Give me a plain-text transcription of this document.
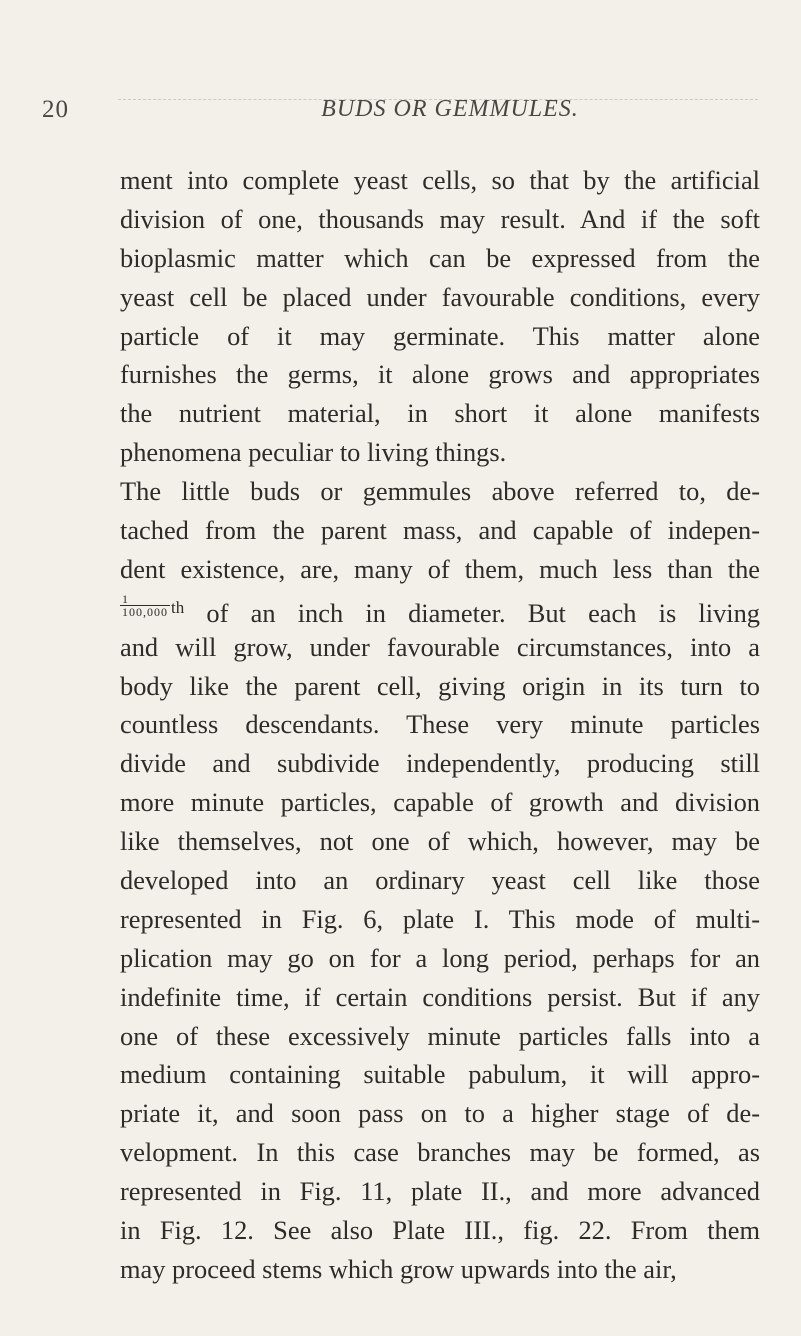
20	BUDS OR GEMMULES.
ment into complete yeast cells, so that by the artificial
division of one, thousands may result. And if the soft
bioplasmic matter which can be expressed from the
yeast cell be placed under favourable conditions, every
particle of it may germinate. This matter alone
furnishes the germs, it alone grows and appropriates
the nutrient material, in short it alone manifests
phenomena peculiar to living things.
The little buds or gemmules above referred to, de-
tached from the parent mass, and capable of indepen-
dent existence, are, many of them, much less than the
$\frac{1}{100,000} ^{th}$ of an inch in diameter. But each is living
and will grow, under favourable circumstances, into a
body like the parent cell, giving origin in its turn to
countless descendants. These very minute particles
divide and subdivide independently, producing still
more minute particles, capable of growth and division
like themselves, not one of which, however, may be
developed into an ordinary yeast cell like those
represented in Fig. 6, plate I. This mode of multi-
plication may go on for a long period, perhaps for an
indefinite time, if certain conditions persist. But if any
one of these excessively minute particles falls into a
medium containing suitable pabulum, it will appro-
priate it, and soon pass on to a higher stage of de-
velopment. In this case branches may be formed, as
represented in Fig. 11, plate II., and more advanced
in Fig. 12. See also Plate III., fig. 22. From them
may proceed stems which grow upwards into the air,
